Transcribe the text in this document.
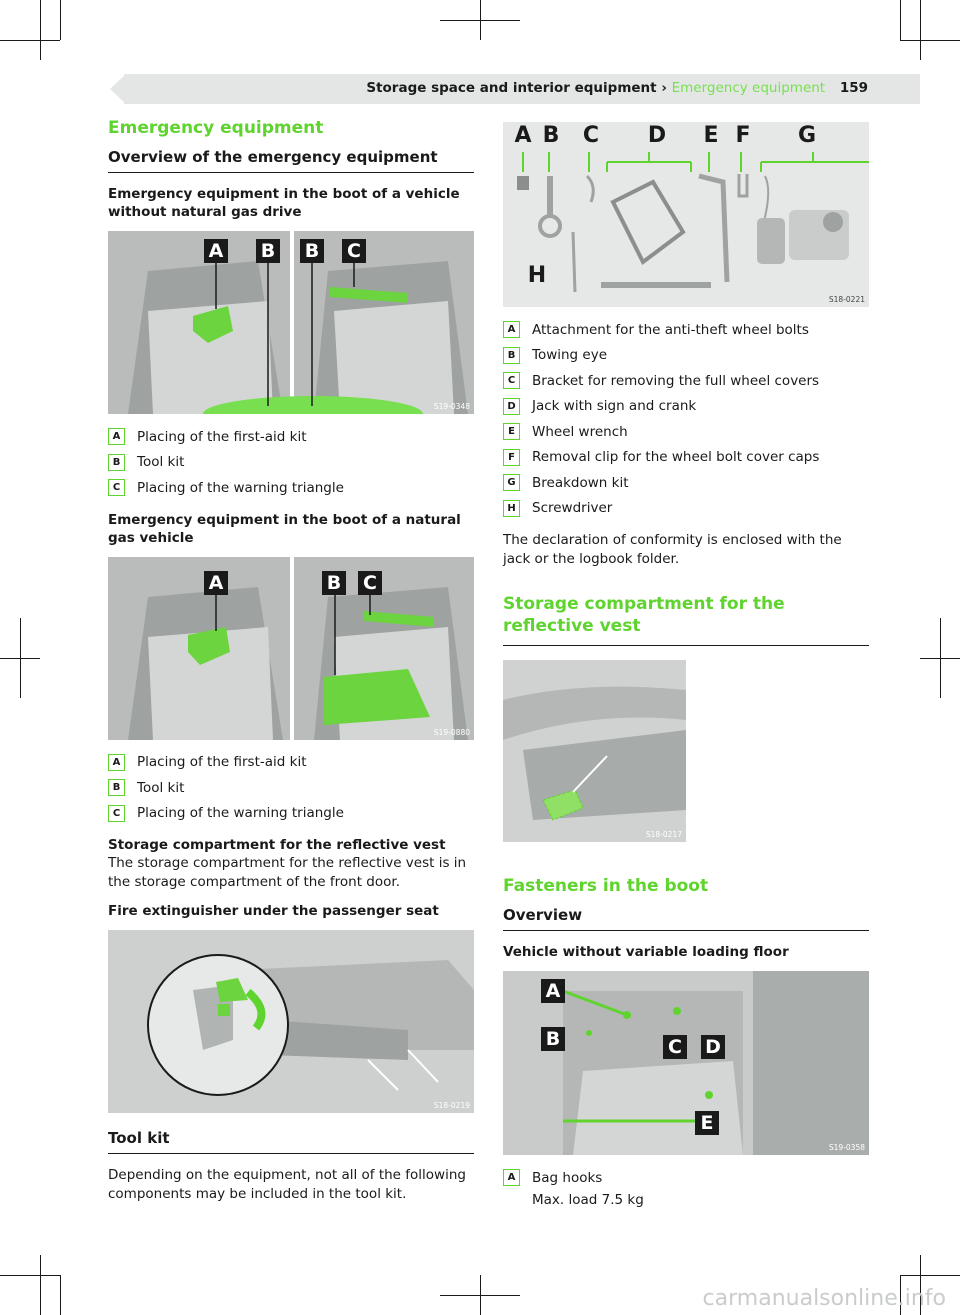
Storage space and interior equipment › Emergency equipment 159
Emergency equipment
Overview of the emergency equipment
Emergency equipment in the boot of a vehicle without natural gas drive
A B B C
S19-0348
A	Placing of the first-aid kit
B	Tool kit
C	Placing of the warning triangle
Emergency equipment in the boot of a natural gas vehicle
A	B C
S19-0880
A	Placing of the first-aid kit
B	Tool kit
C	Placing of the warning triangle
Storage compartment for the reflective vest

The storage compartment for the reflective vest is in the storage compartment of the front door.

Fire extinguisher under the passenger seat
S18-0219
Tool kit

Depending on the equipment, not all of the following components may be included in the tool kit.

A B C D E F G
H
S18-0221
A	Attachment for the anti-theft wheel bolts
B	Towing eye
C	Bracket for removing the full wheel covers
D	Jack with sign and crank
E	Wheel wrench
F	Removal clip for the wheel bolt cover caps
G	Breakdown kit
H	Screwdriver

The declaration of conformity is enclosed with the jack or the logbook folder.

Storage compartment for the reflective vest
S18-0217
Fasteners in the boot
Overview
Vehicle without variable loading floor
A
B	C D
E
S19-0358
A	Bag hooks
Max. load 7.5 kg
carmanualsonline.info
